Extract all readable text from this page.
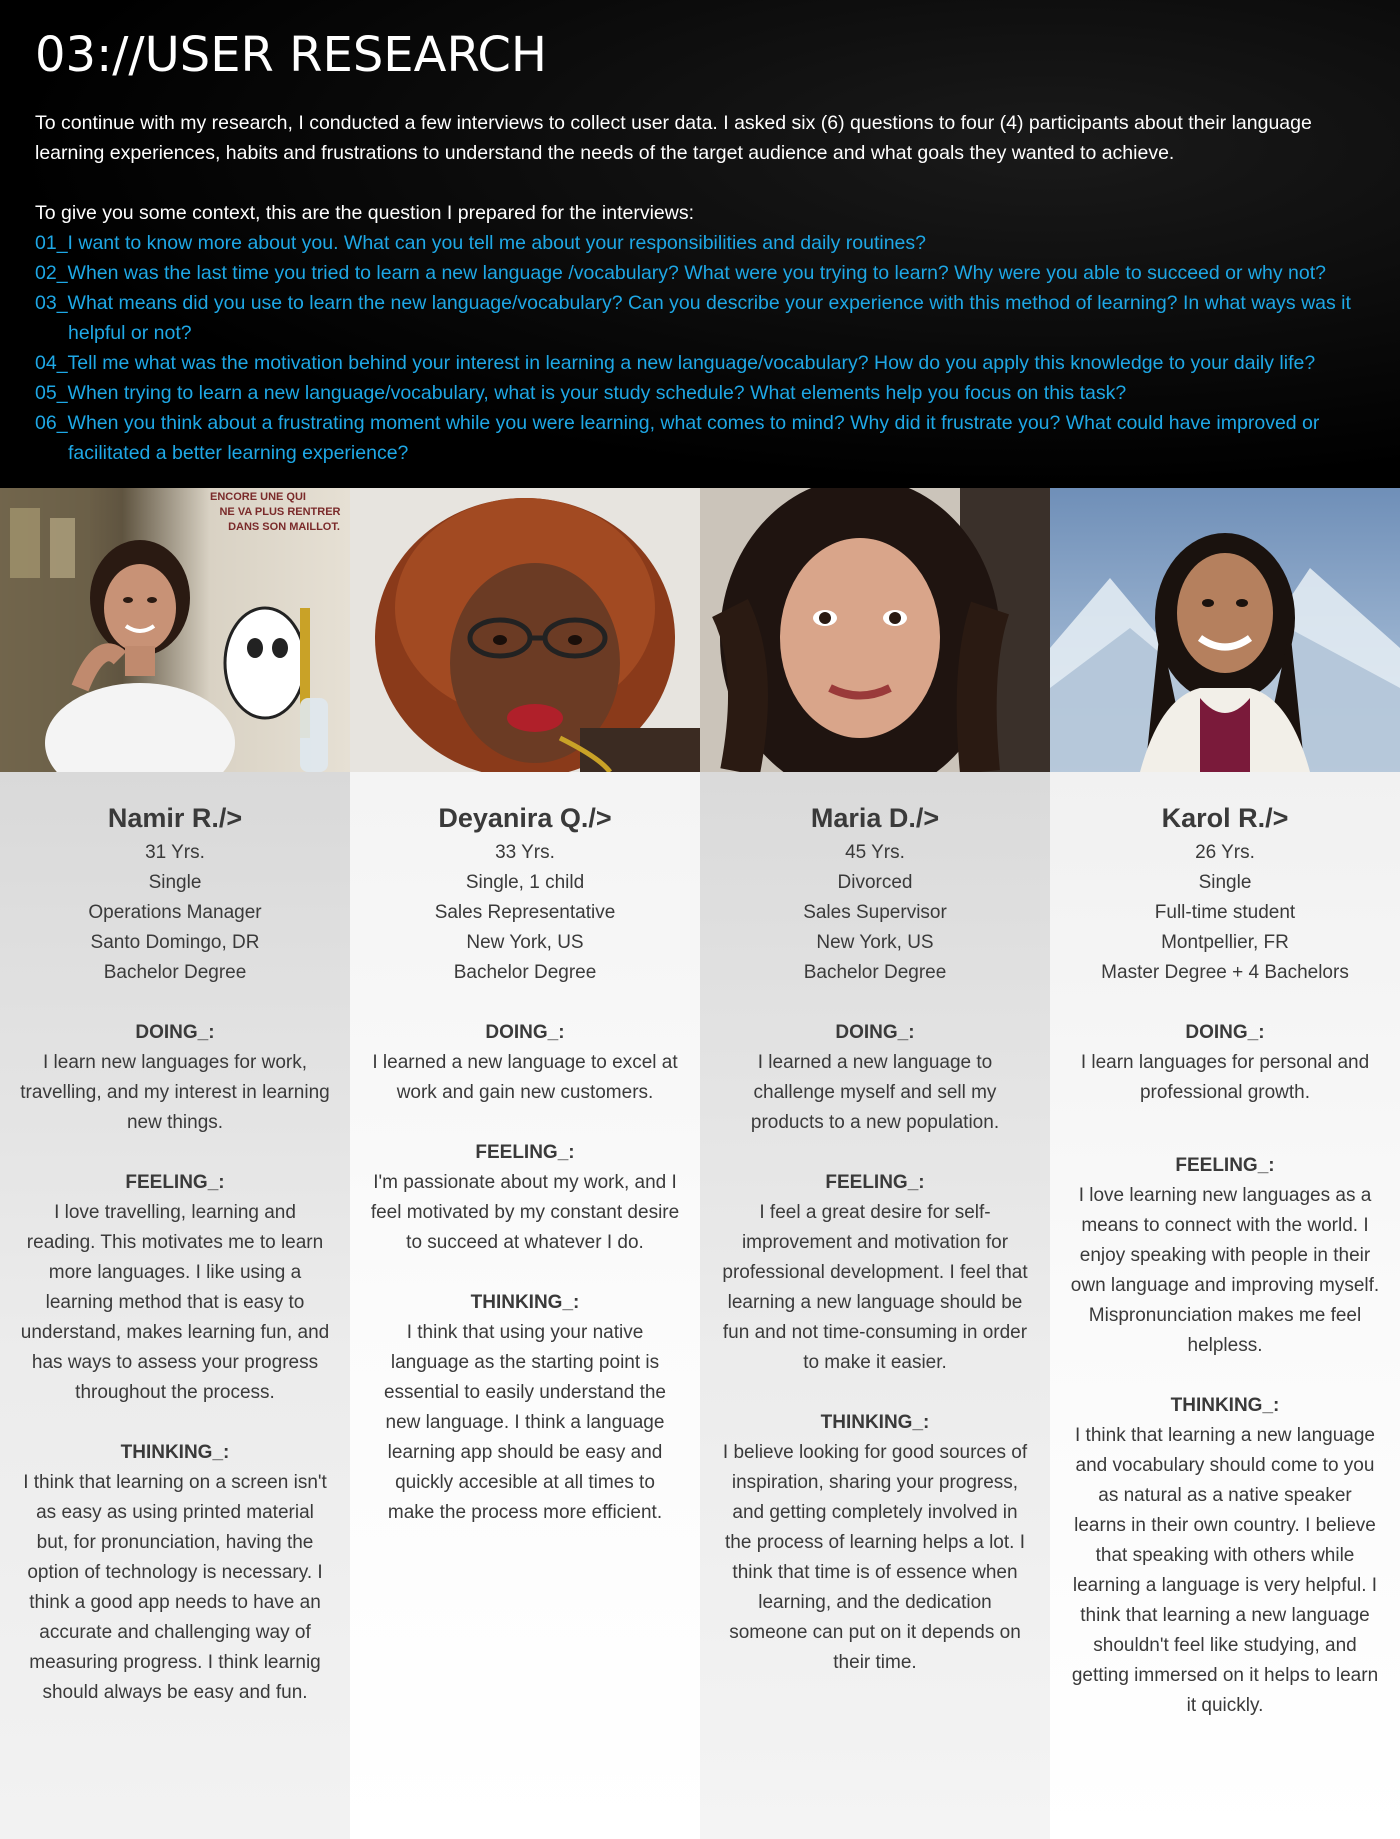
03://USER RESEARCH

To continue with my research, I conducted a few interviews to collect user data. I asked six (6) questions to four (4) participants about their language learning experiences, habits and frustrations to understand the needs of the target audience and what goals they wanted to achieve.

To give you some context, this are the question I prepared for the interviews:

01_I want to know more about you. What can you tell me about your responsibilities and daily routines?
02_When was the last time you tried to learn a new language /vocabulary? What were you trying to learn? Why were you able to succeed or why not?
03_What means did you use to learn the new language/vocabulary? Can you describe your experience with this method of learning? In what ways was it helpful or not?
04_Tell me what was the motivation behind your interest in learning a new language/vocabulary? How do you apply this knowledge to your daily life?
05_When trying to learn a new language/vocabulary, what is your study schedule? What elements help you focus on this task?
06_When you think about a frustrating moment while you were learning, what comes to mind? Why did it frustrate you? What could have improved or facilitated a better learning experience?
ENCORE UNE QUI
NE VA PLUS RENTRER
DANS SON MAILLOT.
Namir R./>
31 Yrs.
Single
Operations Manager
Santo Domingo, DR
Bachelor Degree
DOING_:
I learn new languages for work, travelling, and my interest in learning new things.
FEELING_:
I love travelling, learning and reading. This motivates me to learn more languages. I like using a learning method that is easy to understand, makes learning fun, and has ways to assess your progress throughout the process.
THINKING_:
I think that learning on a screen isn't as easy as using printed material but, for pronunciation, having the option of technology is necessary. I think a good app needs to have an accurate and challenging way of measuring progress. I think learnig should always be easy and fun.
Deyanira Q./>
33 Yrs.
Single, 1 child
Sales Representative
New York, US
Bachelor Degree
DOING_:
I learned a new language to excel at work and gain new customers.
FEELING_:
I'm passionate about my work, and I feel motivated by my constant desire to succeed at whatever I do.
THINKING_:
I think that using your native language as the starting point is essential to easily understand the new language. I think a language learning app should be easy and quickly accesible at all times to make the process more efficient.
Maria D./>
45 Yrs.
Divorced
Sales Supervisor
New York, US
Bachelor Degree
DOING_:
I learned a new language to challenge myself and sell my products to a new population.
FEELING_:
I feel a great desire for self-improvement and motivation for professional development. I feel that learning a new language should be fun and not time-consuming in order to make it easier.
THINKING_:
I believe looking for good sources of inspiration, sharing your progress, and getting completely involved in the process of learning helps a lot. I think that time is of essence when learning, and the dedication someone can put on it depends on their time.
Karol R./>
26 Yrs.
Single
Full-time student
Montpellier, FR
Master Degree + 4 Bachelors
DOING_:
I learn languages for personal and professional growth.
FEELING_:
I love learning new languages as a means to connect with the world. I enjoy speaking with people in their own language and improving myself. Mispronunciation makes me feel helpless.
THINKING_:
I think that learning a new language and vocabulary should come to you as natural as a native speaker learns in their own country. I believe that speaking with others while learning a language is very helpful. I think that learning a new language shouldn't feel like studying, and getting immersed on it helps to learn it quickly.
